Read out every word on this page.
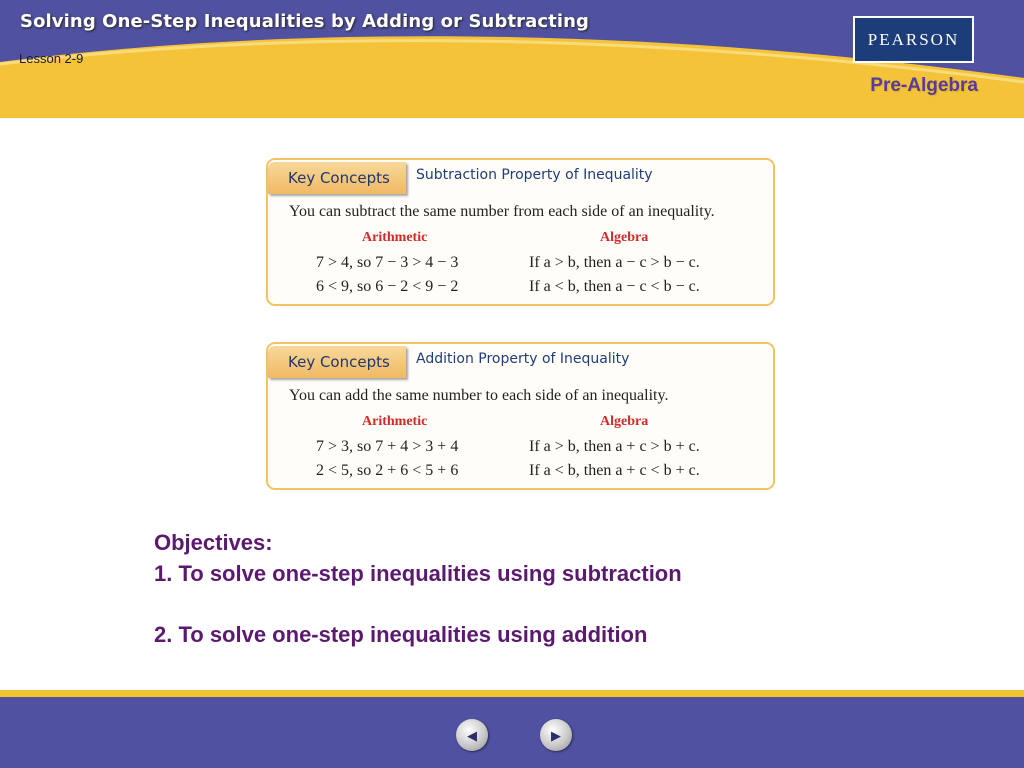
Solving One-Step Inequalities by Adding or Subtracting
Lesson 2-9
PEARSON
Pre-Algebra
Key Concepts	Subtraction Property of Inequality
You can subtract the same number from each side of an inequality.
Arithmetic	Algebra
7 > 4, so 7 − 3 > 4 − 3	If a > b, then a − c > b − c.
6 < 9, so 6 − 2 < 9 − 2	If a < b, then a − c < b − c.
Key Concepts	Addition Property of Inequality
You can add the same number to each side of an inequality.
Arithmetic	Algebra
7 > 3, so 7 + 4 > 3 + 4	If a > b, then a + c > b + c.
2 < 5, so 2 + 6 < 5 + 6	If a < b, then a + c < b + c.
Objectives:
1. To solve one-step inequalities using subtraction
2. To solve one-step inequalities using addition
◀	▶
